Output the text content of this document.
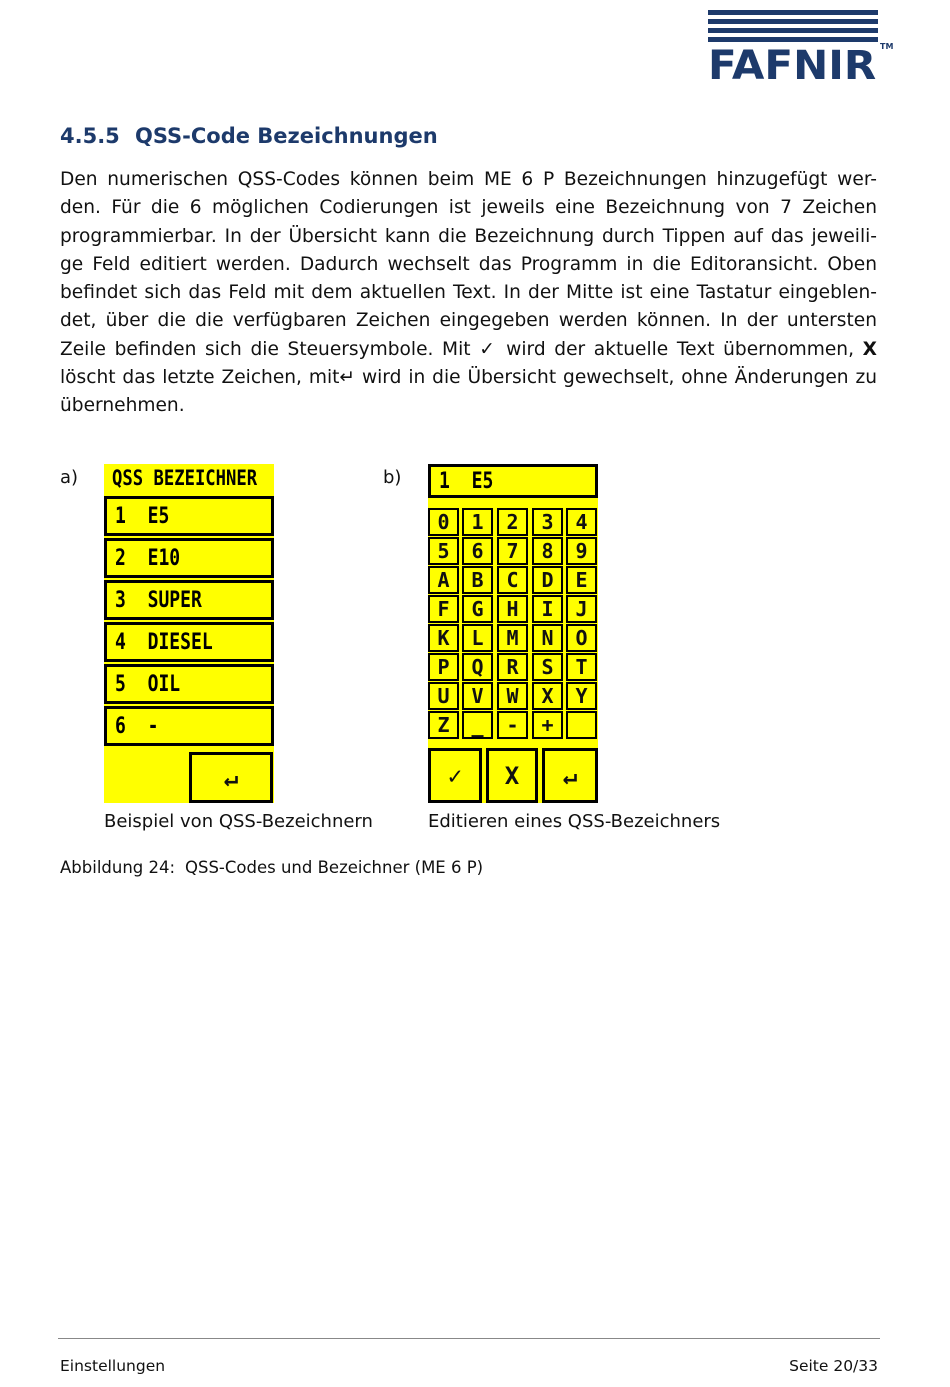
FAFNIR TM
4.5.5 QSS-Code Bezeichnungen
Den numerischen QSS-Codes können beim ME 6 P Bezeichnungen hinzugefügt wer-den. Für die 6 möglichen Codierungen ist jeweils eine Bezeichnung von 7 Zeichen programmierbar. In der Übersicht kann die Bezeichnung durch Tippen auf das jeweili-ge Feld editiert werden. Dadurch wechselt das Programm in die Editoransicht. Oben befindet sich das Feld mit dem aktuellen Text. In der Mitte ist eine Tastatur eingeblen-det, über die die verfügbaren Zeichen eingegeben werden können. In der untersten Zeile befinden sich die Steuersymbole. Mit ✓ wird der aktuelle Text übernommen, X löscht das letzte Zeichen, mit↵ wird in die Übersicht gewechselt, ohne Änderungen zu übernehmen.
a)	b)
QSS BEZEICHNER
1  E5
2  E10
3  SUPER
4  DIESEL
5  OIL
6  -
↵
1  E5
0	1	2	3	4
5	6	7	8	9
A	B	C	D	E
F	G	H	I	J
K	L	M	N	O
P	Q	R	S	T
U	V	W	X	Y
Z	_	-	+
✓	X	↵
Beispiel von QSS-Bezeichnern	Editieren eines QSS-Bezeichners
Abbildung 24: QSS-Codes und Bezeichner (ME 6 P)
Einstellungen	Seite 20/33
